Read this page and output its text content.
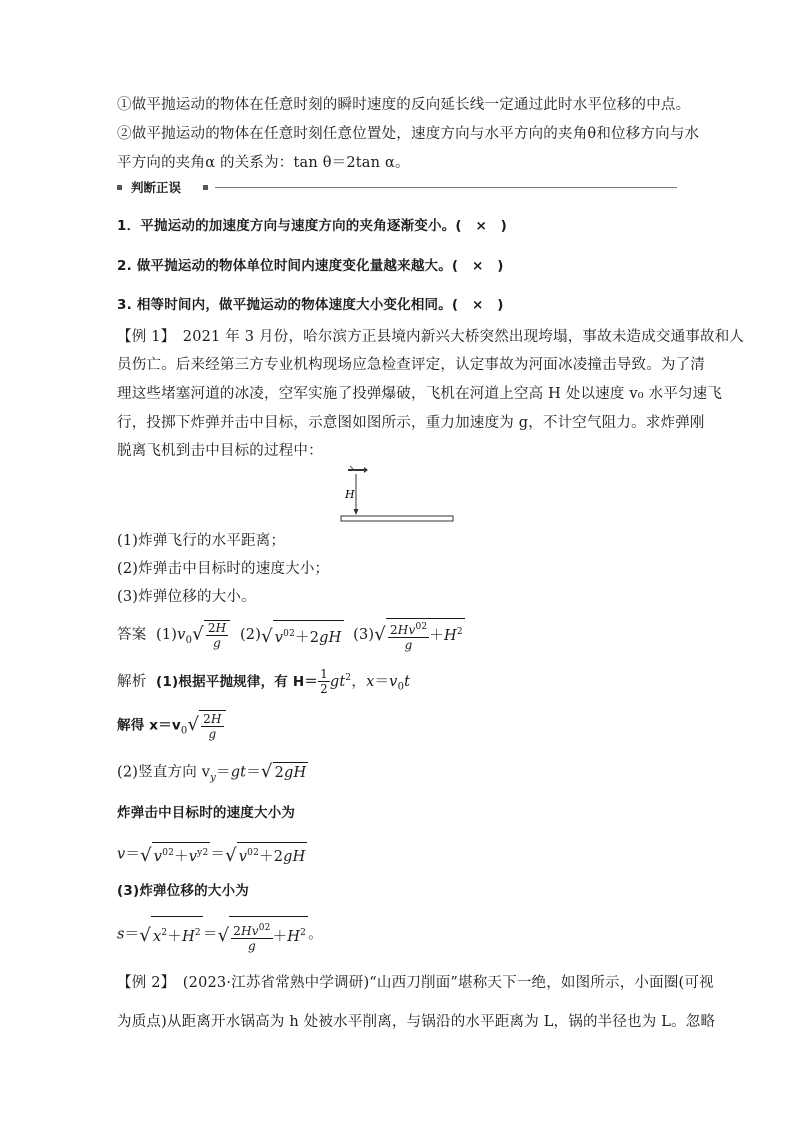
①做平抛运动的物体在任意时刻的瞬时速度的反向延长线一定通过此时水平位移的中点。
②做平抛运动的物体在任意时刻任意位置处，速度方向与水平方向的夹角θ和位移方向与水
平方向的夹角α 的关系为：tan θ＝2tan α。
判断正误
1．平抛运动的加速度方向与速度方向的夹角逐渐变小。(　×　)
2. 做平抛运动的物体单位时间内速度变化量越来越大。(　×　)
3. 相等时间内，做平抛运动的物体速度大小变化相同。(　×　)
【例 1】　2021 年 3 月份，哈尔滨方正县境内新兴大桥突然出现垮塌，事故未造成交通事故和人
员伤亡。后来经第三方专业机构现场应急检查评定，认定事故为河面冰凌撞击导致。为了清
理这些堵塞河道的冰凌，空军实施了投弹爆破，飞机在河道上空高 H 处以速度 v₀ 水平匀速飞
行，投掷下炸弹并击中目标，示意图如图所示，重力加速度为 g，不计空气阻力。求炸弹刚
脱离飞机到击中目标的过程中：
H
(1)炸弹飞行的水平距离；
(2)炸弹击中目标时的速度大小；
(3)炸弹位移的大小。
答案  $(1)v_0√ \frac{2H}{g} (2)√$ $v^{02}+2gH$  $(3)√ \frac{2Hv^{02}}{g} +H^2$
解析 (1)根据平抛规律，有 $H= \frac{1}{2} gt^2$，$x=v_0t$
解得 $x=v_0√ \frac{2H}{g}$
(2)竖直方向 $v_y=gt=√$ 2gH
炸弹击中目标时的速度大小为
v＝√ $v^{02}+v^{y2}$ ＝√ $v^{02}+2gH$
(3)炸弹位移的大小为
s＝√ $x^2+H^2$ ＝√ $\frac{2Hv^{02}}{g} +H^2$ 。
【例 2】　(2023·江苏省常熟中学调研)“山西刀削面”堪称天下一绝，如图所示，小面圈(可视
为质点)从距离开水锅高为 h 处被水平削离，与锅沿的水平距离为 L，锅的半径也为 L。忽略
